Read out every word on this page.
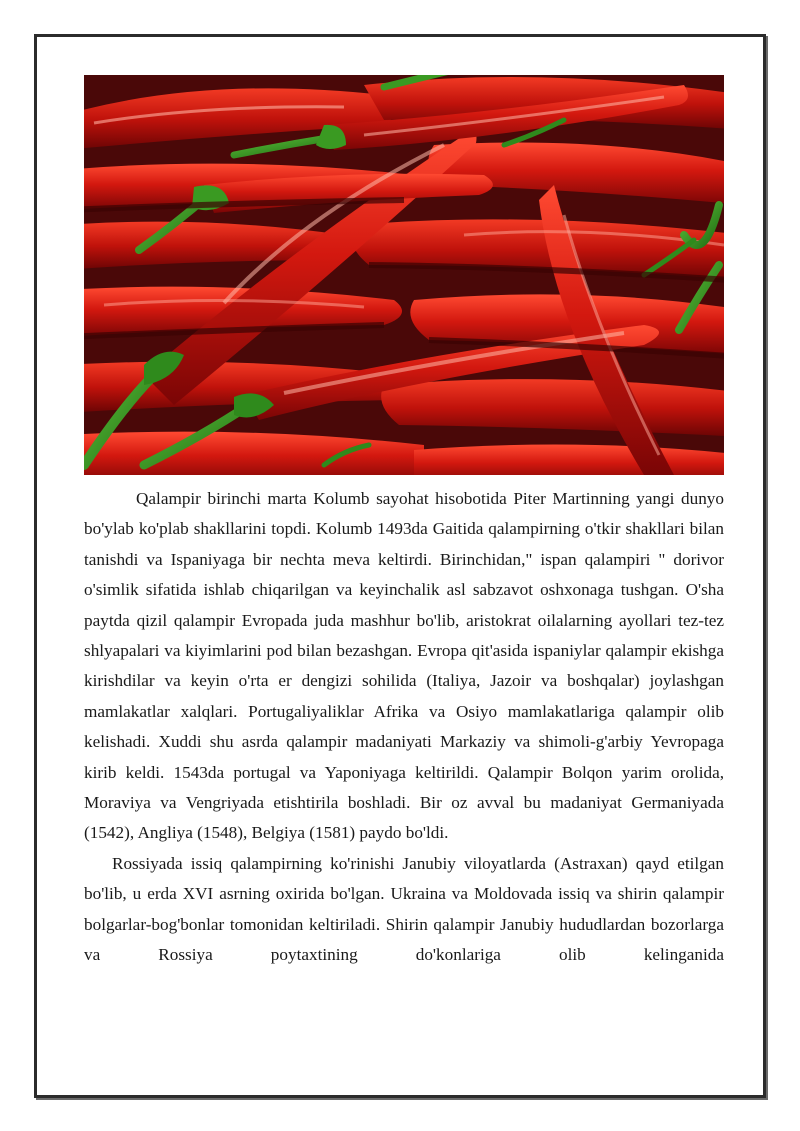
Qalampir birinchi marta Kolumb sayohat hisobotida Piter Martinning yangi dunyo bo'ylab ko'plab shakllarini topdi. Kolumb 1493da Gaitida qalampirning o'tkir shakllari bilan tanishdi va Ispaniyaga bir nechta meva keltirdi. Birinchidan," ispan qalampiri " dorivor o'simlik sifatida ishlab chiqarilgan va keyinchalik asl sabzavot oshxonaga tushgan. O'sha paytda qizil qalampir Evropada juda mashhur bo'lib, aristokrat oilalarning ayollari tez-tez shlyapalari va kiyimlarini pod bilan bezashgan. Evropa qit'asida ispaniylar qalampir ekishga kirishdilar va keyin o'rta er dengizi sohilida (Italiya, Jazoir va boshqalar) joylashgan mamlakatlar xalqlari. Portugaliyaliklar Afrika va Osiyo mamlakatlariga qalampir olib kelishadi. Xuddi shu asrda qalampir madaniyati Markaziy va shimoli-g'arbiy Yevropaga kirib keldi. 1543da portugal va Yaponiyaga keltirildi. Qalampir Bolqon yarim orolida, Moraviya va Vengriyada etishtirila boshladi. Bir oz avval bu madaniyat Germaniyada (1542), Angliya (1548), Belgiya (1581) paydo bo'ldi.

Rossiyada issiq qalampirning ko'rinishi Janubiy viloyatlarda (Astraxan) qayd etilgan bo'lib, u erda XVI asrning oxirida bo'lgan. Ukraina va Moldovada issiq va shirin qalampir bolgarlar-bog'bonlar tomonidan keltiriladi. Shirin qalampir Janubiy hududlardan bozorlarga va Rossiya poytaxtining do'konlariga olib kelinganida
